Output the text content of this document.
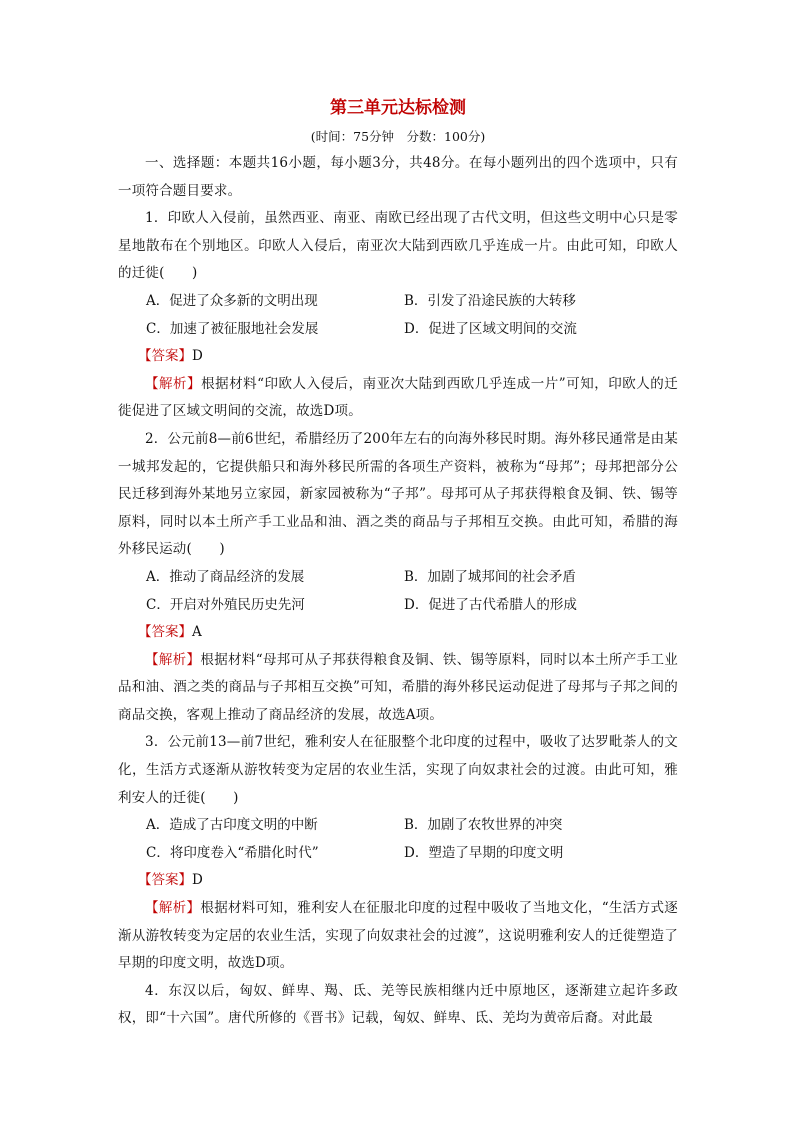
第三单元达标检测
(时间：75分钟　分数：100分)

一、选择题：本题共16小题，每小题3分，共48分。在每小题列出的四个选项中，只有一项符合题目要求。

1．印欧人入侵前，虽然西亚、南亚、南欧已经出现了古代文明，但这些文明中心只是零星地散布在个别地区。印欧人入侵后，南亚次大陆到西欧几乎连成一片。由此可知，印欧人的迁徙(　　)

A．促进了众多新的文明出现	B．引发了沿途民族的大转移
C．加速了被征服地社会发展	D．促进了区域文明间的交流
【答案】D

【解析】根据材料“印欧人入侵后，南亚次大陆到西欧几乎连成一片”可知，印欧人的迁徙促进了区域文明间的交流，故选D项。

2．公元前8—前6世纪，希腊经历了200年左右的向海外移民时期。海外移民通常是由某一城邦发起的，它提供船只和海外移民所需的各项生产资料，被称为“母邦”；母邦把部分公民迁移到海外某地另立家园，新家园被称为“子邦”。母邦可从子邦获得粮食及铜、铁、锡等原料，同时以本土所产手工业品和油、酒之类的商品与子邦相互交换。由此可知，希腊的海外移民运动(　　)

A．推动了商品经济的发展	B．加剧了城邦间的社会矛盾
C．开启对外殖民历史先河	D．促进了古代希腊人的形成
【答案】A

【解析】根据材料“母邦可从子邦获得粮食及铜、铁、锡等原料，同时以本土所产手工业品和油、酒之类的商品与子邦相互交换”可知，希腊的海外移民运动促进了母邦与子邦之间的商品交换，客观上推动了商品经济的发展，故选A项。

3．公元前13—前7世纪，雅利安人在征服整个北印度的过程中，吸收了达罗毗荼人的文化，生活方式逐渐从游牧转变为定居的农业生活，实现了向奴隶社会的过渡。由此可知，雅利安人的迁徙(　　)

A．造成了古印度文明的中断	B．加剧了农牧世界的冲突
C．将印度卷入“希腊化时代”	D．塑造了早期的印度文明
【答案】D

【解析】根据材料可知，雅利安人在征服北印度的过程中吸收了当地文化，“生活方式逐渐从游牧转变为定居的农业生活，实现了向奴隶社会的过渡”，这说明雅利安人的迁徙塑造了早期的印度文明，故选D项。

4．东汉以后，匈奴、鲜卑、羯、氐、羌等民族相继内迁中原地区，逐渐建立起许多政权，即“十六国”。唐代所修的《晋书》记载，匈奴、鲜卑、氐、羌均为黄帝后裔。对此最
